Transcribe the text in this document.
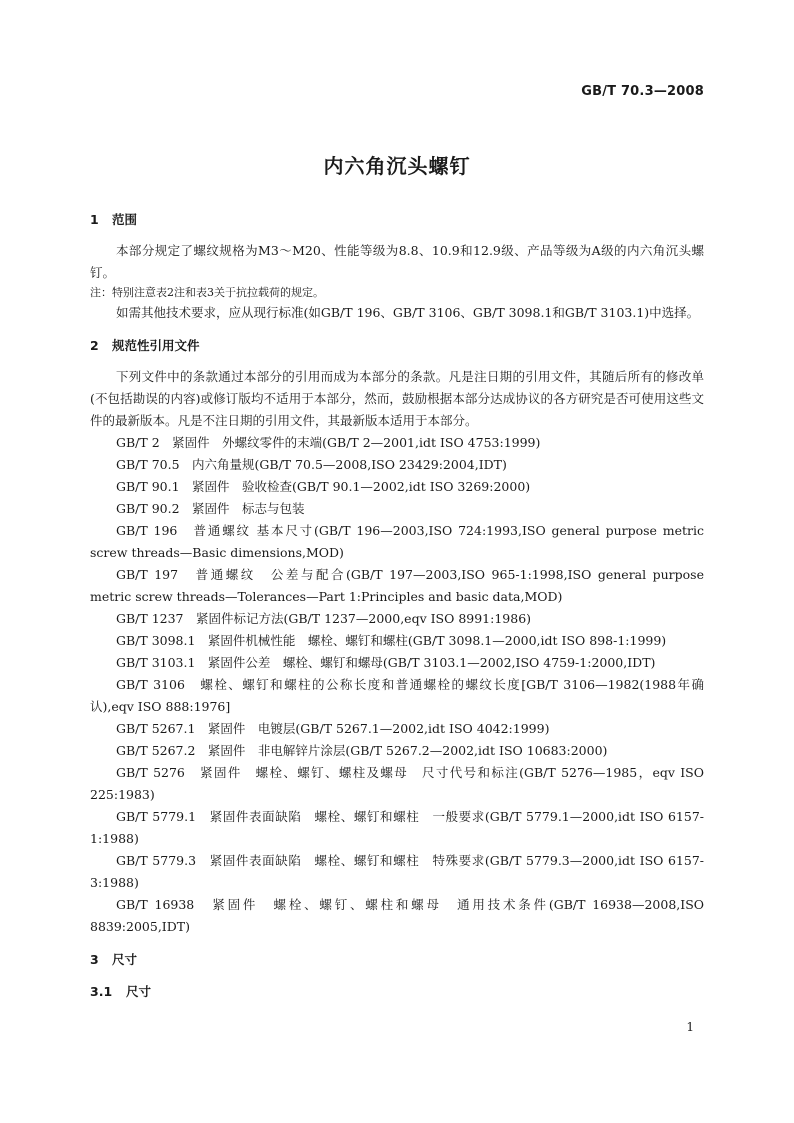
GB/T 70.3—2008
内六角沉头螺钉
1 范围
本部分规定了螺纹规格为M3～M20、性能等级为8.8、10.9和12.9级、产品等级为A级的内六角沉头螺钉。
注：特别注意表2注和表3关于抗拉载荷的规定。
如需其他技术要求，应从现行标准(如GB/T 196、GB/T 3106、GB/T 3098.1和GB/T 3103.1)中选择。
2 规范性引用文件
下列文件中的条款通过本部分的引用而成为本部分的条款。凡是注日期的引用文件，其随后所有的修改单(不包括勘误的内容)或修订版均不适用于本部分，然而，鼓励根据本部分达成协议的各方研究是否可使用这些文件的最新版本。凡是不注日期的引用文件，其最新版本适用于本部分。
GB/T 2　紧固件　外螺纹零件的末端(GB/T 2—2001,idt ISO 4753:1999)
GB/T 70.5　内六角量规(GB/T 70.5—2008,ISO 23429:2004,IDT)
GB/T 90.1　紧固件　验收检查(GB/T 90.1—2002,idt ISO 3269:2000)
GB/T 90.2　紧固件　标志与包装
GB/T 196　普通螺纹 基本尺寸(GB/T 196—2003,ISO 724:1993,ISO general purpose metric screw threads—Basic dimensions,MOD)
GB/T 197　普通螺纹　公差与配合(GB/T 197—2003,ISO 965-1:1998,ISO general purpose metric screw threads—Tolerances—Part 1:Principles and basic data,MOD)
GB/T 1237　紧固件标记方法(GB/T 1237—2000,eqv ISO 8991:1986)
GB/T 3098.1　紧固件机械性能　螺栓、螺钉和螺柱(GB/T 3098.1—2000,idt ISO 898-1:1999)
GB/T 3103.1　紧固件公差　螺栓、螺钉和螺母(GB/T 3103.1—2002,ISO 4759-1:2000,IDT)
GB/T 3106　螺栓、螺钉和螺柱的公称长度和普通螺栓的螺纹长度[GB/T 3106—1982(1988年确认),eqv ISO 888:1976]
GB/T 5267.1　紧固件　电镀层(GB/T 5267.1—2002,idt ISO 4042:1999)
GB/T 5267.2　紧固件　非电解锌片涂层(GB/T 5267.2—2002,idt ISO 10683:2000)
GB/T 5276　紧固件　螺栓、螺钉、螺柱及螺母　尺寸代号和标注(GB/T 5276—1985，eqv ISO 225:1983)
GB/T 5779.1　紧固件表面缺陷　螺栓、螺钉和螺柱　一般要求(GB/T 5779.1—2000,idt ISO 6157-1:1988)
GB/T 5779.3　紧固件表面缺陷　螺栓、螺钉和螺柱　特殊要求(GB/T 5779.3—2000,idt ISO 6157-3:1988)
GB/T 16938　紧固件　螺栓、螺钉、螺柱和螺母　通用技术条件(GB/T 16938—2008,ISO 8839:2005,IDT)
3 尺寸
3.1 尺寸
1
